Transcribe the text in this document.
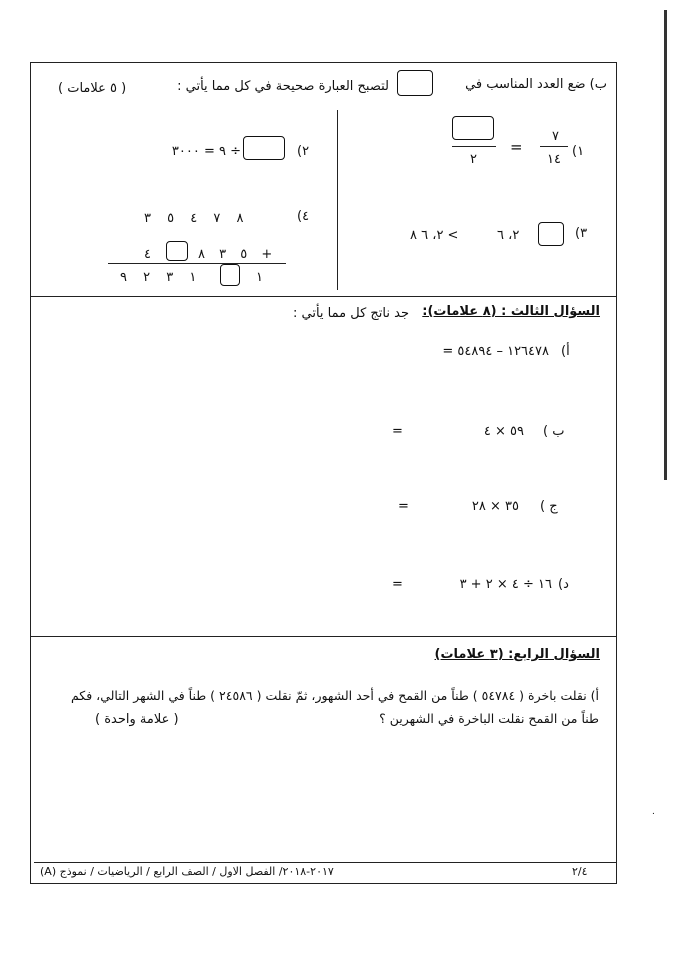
ب) ضع العدد المناسب في
لتصبح العبارة صحيحة في كل مما يأتي :
( ٥ علامات )
١)
٧
١٤
=
٢
٢)
÷ ٩ = ٣٠٠٠
٣)
٢، ٦
٢، ٦ ٨ <
٤)
٨ ٧ ٤ ٥ ٣
٤	٥ ٣ ٨ +
١ ٣ ٢ ٩	١
السؤال الثالث : (٨ علامات):
جد ناتج كل مما يأتي :
أ)
١٢٦٤٧٨ – ٥٤٨٩٤ =
ب )
٥٩ × ٤
=
ج )
٣٥ × ٢٨
=
د)
١٦ ÷ ٤ × ٢ + ٣
=
السؤال الرابع: (٣ علامات)
أ) نقلت باخرة ( ٥٤٧٨٤ ) طناً من القمح في أحد الشهور، ثمّ نقلت ( ٢٤٥٨٦ ) طناً في الشهر التالي، فكم
طناً من القمح نقلت الباخرة في الشهرين ؟
( علامة واحدة )
٢/٤
٢٠١٧-٢٠١٨/ الفصل الاول / الصف الرابع / الرياضيات / نموذج (A)
٠
